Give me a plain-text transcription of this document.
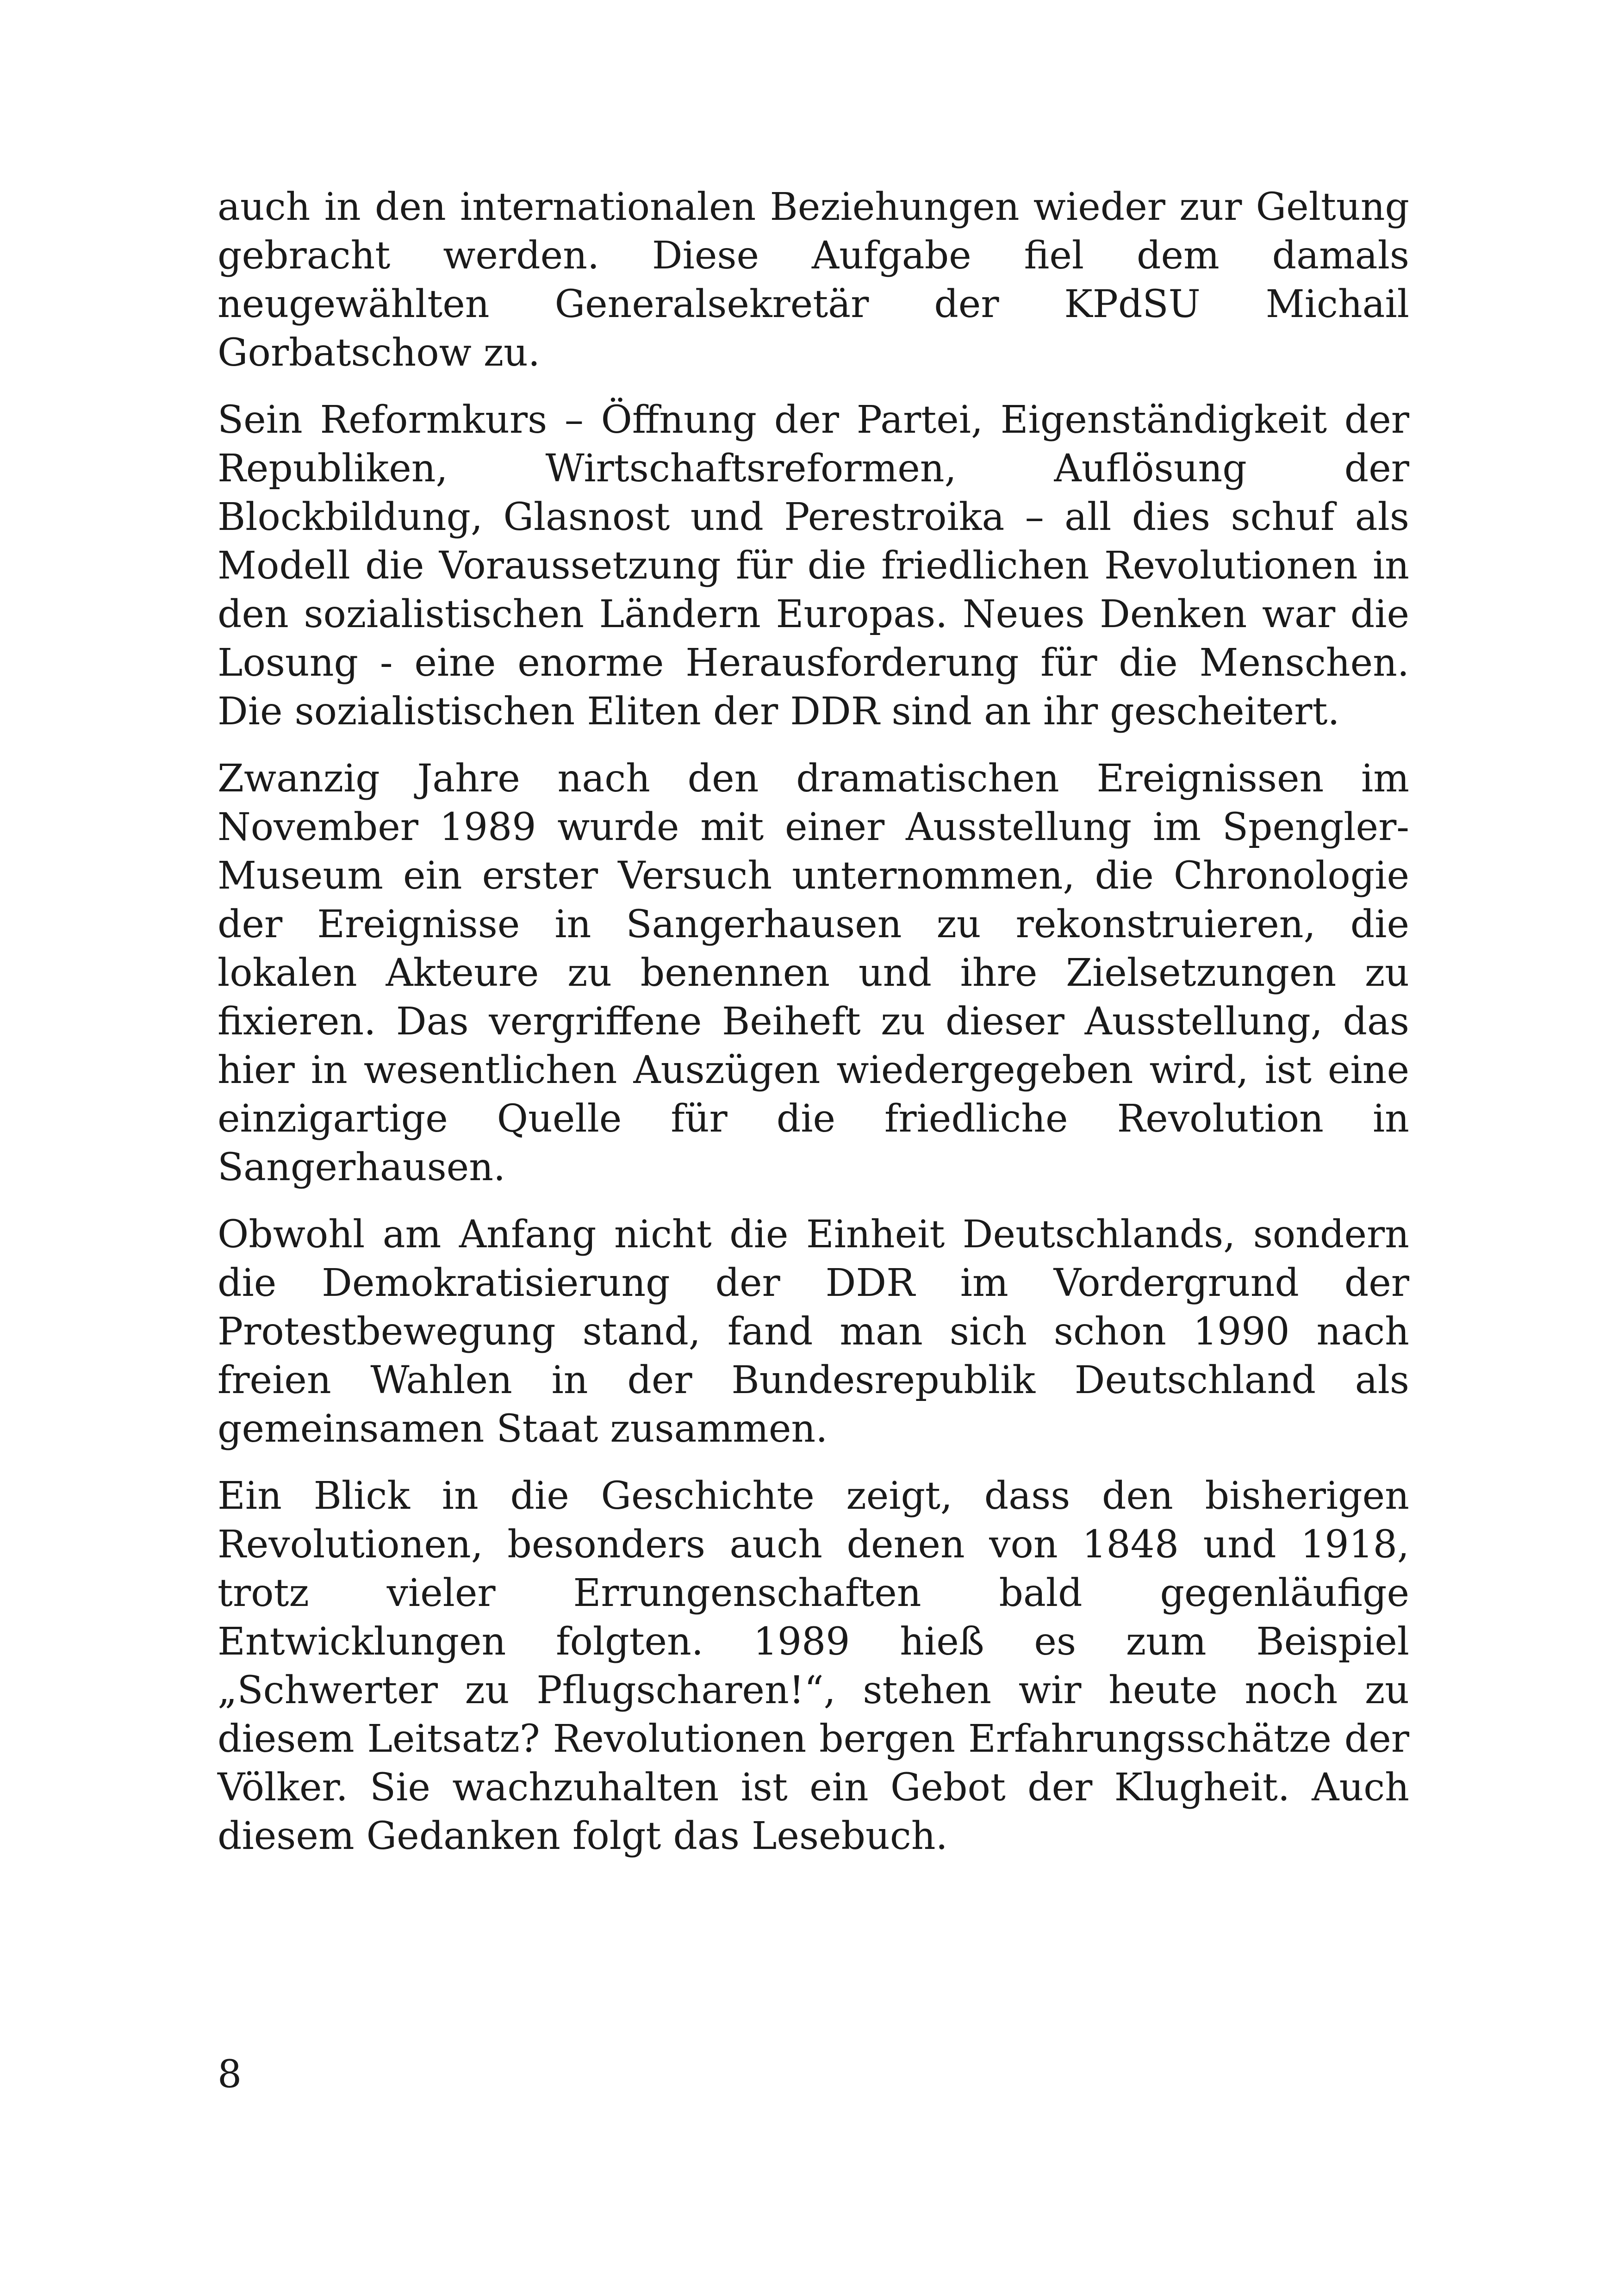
auch in den internationalen Beziehungen wieder zur Geltung gebracht werden. Diese Aufgabe fiel dem damals neugewählten Generalsekretär der KPdSU Michail Gorbatschow zu.

Sein Reformkurs – Öffnung der Partei, Eigenständigkeit der Republiken, Wirtschaftsreformen, Auflösung der Blockbildung, Glasnost und Perestroika – all dies schuf als Modell die Voraussetzung für die friedlichen Revolutionen in den sozialistischen Ländern Europas. Neues Denken war die Losung - eine enorme Herausforderung für die Menschen. Die sozialistischen Eliten der DDR sind an ihr gescheitert.

Zwanzig Jahre nach den dramatischen Ereignissen im November 1989 wurde mit einer Ausstellung im Spengler-Museum ein erster Versuch unternommen, die Chronologie der Ereignisse in Sangerhausen zu rekonstruieren, die lokalen Akteure zu benennen und ihre Zielsetzungen zu fixieren. Das vergriffene Beiheft zu dieser Ausstellung, das hier in wesentlichen Auszügen wiedergegeben wird, ist eine einzigartige Quelle für die friedliche Revolution in Sangerhausen.

Obwohl am Anfang nicht die Einheit Deutschlands, sondern die Demokratisierung der DDR im Vordergrund der Protestbewegung stand, fand man sich schon 1990 nach freien Wahlen in der Bundesrepublik Deutschland als gemeinsamen Staat zusammen.

Ein Blick in die Geschichte zeigt, dass den bisherigen Revolutionen, besonders auch denen von 1848 und 1918, trotz vieler Errungenschaften bald gegenläufige Entwicklungen folgten. 1989 hieß es zum Beispiel „Schwerter zu Pflugscharen!“, stehen wir heute noch zu diesem Leitsatz? Revolutionen bergen Erfahrungsschätze der Völker. Sie wachzuhalten ist ein Gebot der Klugheit. Auch diesem Gedanken folgt das Lesebuch.

8
